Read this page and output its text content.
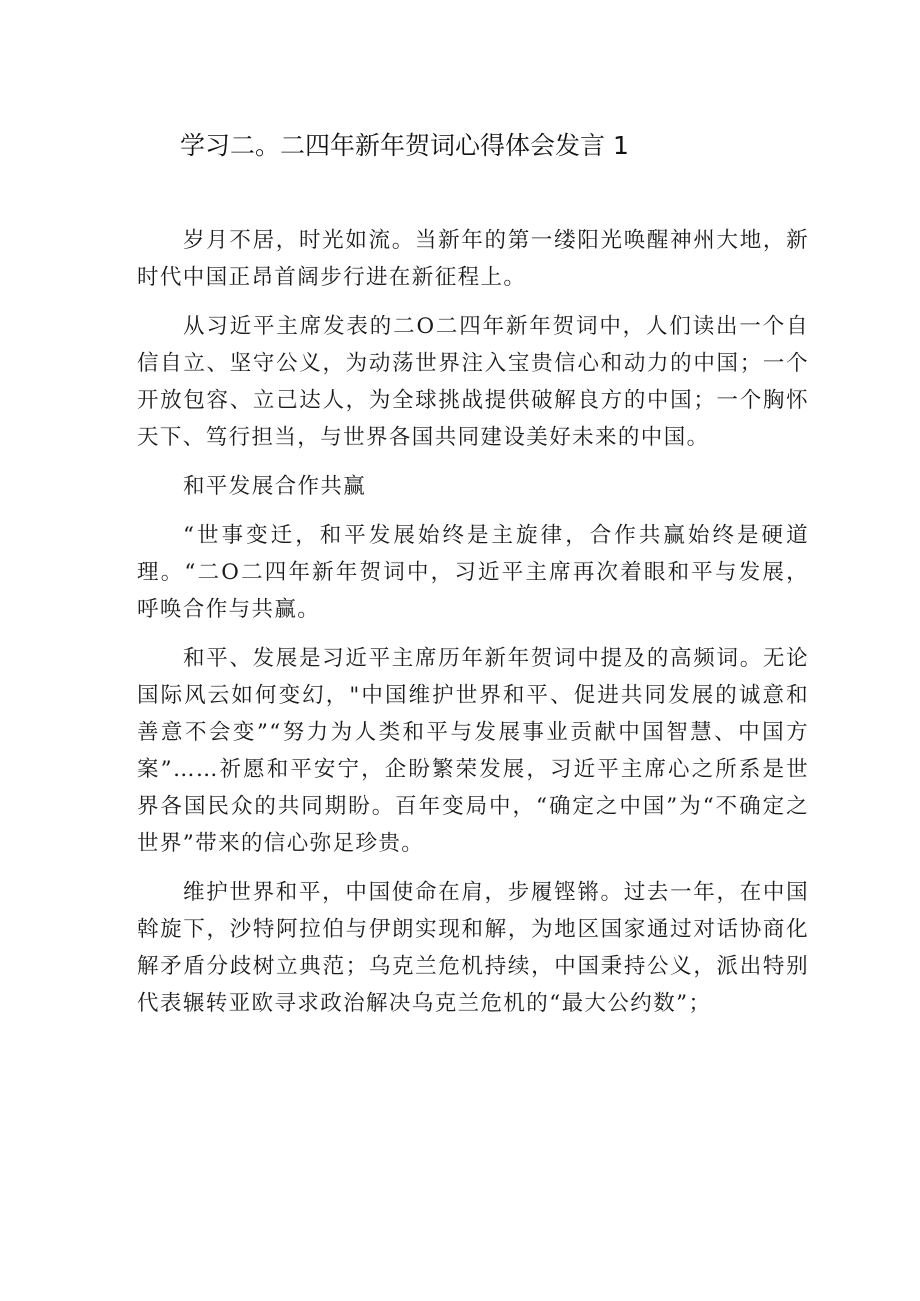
学习二。二四年新年贺词心得体会发言 1

岁月不居，时光如流。当新年的第一缕阳光唤醒神州大地，新时代中国正昂首阔步行进在新征程上。

从习近平主席发表的二O二四年新年贺词中，人们读出一个自信自立、坚守公义，为动荡世界注入宝贵信心和动力的中国；一个开放包容、立己达人，为全球挑战提供破解良方的中国；一个胸怀天下、笃行担当，与世界各国共同建设美好未来的中国。

和平发展合作共赢

“世事变迁，和平发展始终是主旋律，合作共赢始终是硬道理。“二O二四年新年贺词中，习近平主席再次着眼和平与发展，呼唤合作与共赢。

和平、发展是习近平主席历年新年贺词中提及的高频词。无论国际风云如何变幻，"中国维护世界和平、促进共同发展的诚意和善意不会变”“努力为人类和平与发展事业贡献中国智慧、中国方案”……祈愿和平安宁，企盼繁荣发展，习近平主席心之所系是世界各国民众的共同期盼。百年变局中，“确定之中国”为“不确定之世界”带来的信心弥足珍贵。

维护世界和平，中国使命在肩，步履铿锵。过去一年，在中国斡旋下，沙特阿拉伯与伊朗实现和解，为地区国家通过对话协商化解矛盾分歧树立典范；乌克兰危机持续，中国秉持公义，派出特别代表辗转亚欧寻求政治解决乌克兰危机的“最大公约数”；
